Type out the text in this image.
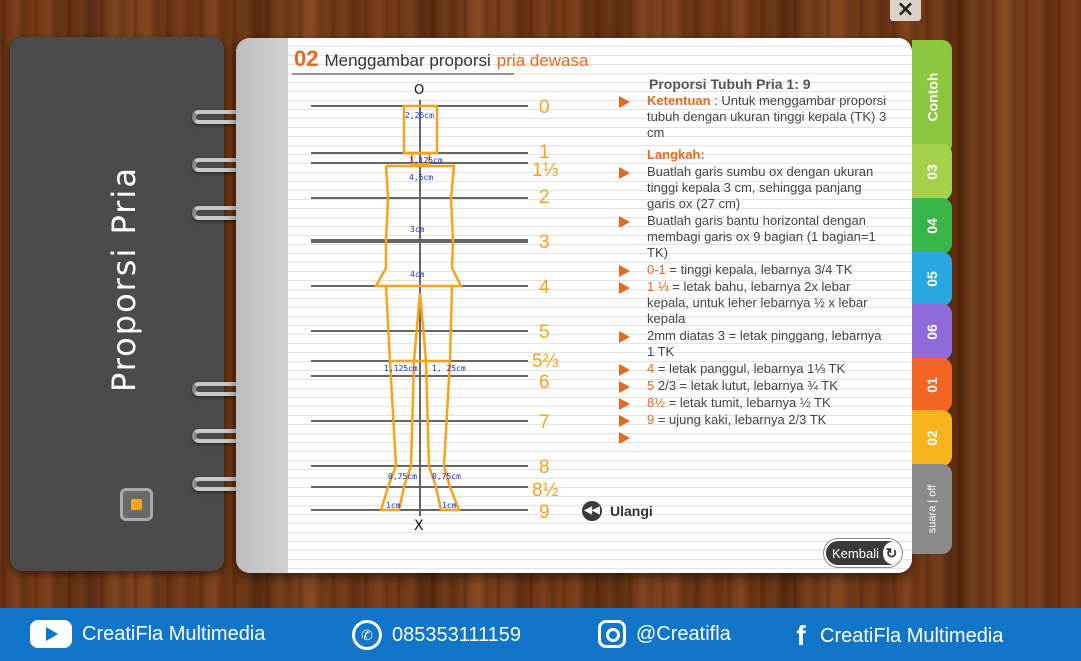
×
Proporsi Pria
02 Menggambar proporsi pria dewasa
O
X
0
1
1⅓
2
3
4
5
5⅔
6
7
8
8½
9
2,25cm
1,125cm
4,5cm
3cm
4cm
1,125cm 1, 25cm
0,75cm 0,75cm
1cm	1cm
Proporsi Tubuh Pria 1: 9
Ketentuan : Untuk menggambar proporsi tubuh dengan ukuran tinggi kepala (TK) 3 cm
Langkah:
Buatlah garis sumbu ox dengan ukuran tinggi kepala 3 cm, sehingga panjang garis ox (27 cm)
Buatlah garis bantu horizontal dengan membagi garis ox 9 bagian (1 bagian=1 TK)
0-1 = tinggi kepala, lebarnya 3/4 TK
1 ⅓ = letak bahu, lebarnya 2x lebar kepala, untuk leher lebarnya ½ x lebar kepala
2mm diatas 3 = letak pinggang, lebarnya 1 TK
4 = letak panggul, lebarnya 1⅓ TK
5 2/3 = letak lutut, lebarnya ¾ TK
8½ = letak tumit, lebarnya ½ TK
9 = ujung kaki, lebarnya 2/3 TK

◀◀ Ulangi
Kembali ↻
Contoh
03
04
05
06
01
02
suara | off
CreatiFla Multimedia	✆ 085353111159	@Creatifla f CreatiFla Multimedia
